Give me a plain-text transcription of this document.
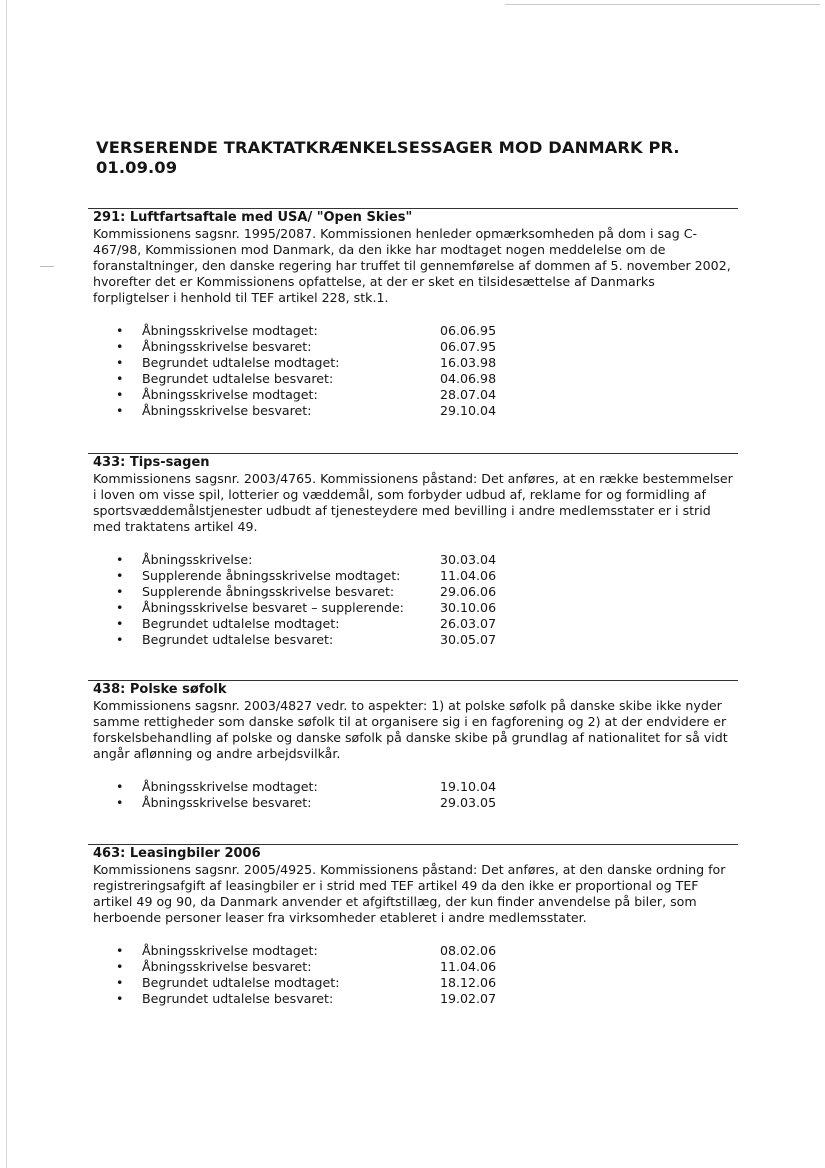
VERSERENDE TRAKTATKRÆNKELSESSAGER MOD DANMARK PR. 01.09.09
291: Luftfartsaftale med USA/ "Open Skies"

Kommissionens sagsnr. 1995/2087. Kommissionen henleder opmærksomheden på dom i sag C-467/98, Kommissionen mod Danmark, da den ikke har modtaget nogen meddelelse om de foranstaltninger, den danske regering har truffet til gennemførelse af dommen af 5. november 2002, hvorefter det er Kommissionens opfattelse, at der er sket en tilsidesættelse af Danmarks forpligtelser i henhold til TEF artikel 228, stk.1.

•	Åbningsskrivelse modtaget:	06.06.95
•	Åbningsskrivelse besvaret:	06.07.95
•	Begrundet udtalelse modtaget:	16.03.98
•	Begrundet udtalelse besvaret:	04.06.98
•	Åbningsskrivelse modtaget:	28.07.04
•	Åbningsskrivelse besvaret:	29.10.04
433: Tips-sagen

Kommissionens sagsnr. 2003/4765. Kommissionens påstand: Det anføres, at en række bestemmelser i loven om visse spil, lotterier og væddemål, som forbyder udbud af, reklame for og formidling af sportsvæddemålstjenester udbudt af tjenesteydere med bevilling i andre medlemsstater er i strid med traktatens artikel 49.

•	Åbningsskrivelse:	30.03.04
•	Supplerende åbningsskrivelse modtaget:	11.04.06
•	Supplerende åbningsskrivelse besvaret:	29.06.06
•	Åbningsskrivelse besvaret – supplerende:	30.10.06
•	Begrundet udtalelse modtaget:	26.03.07
•	Begrundet udtalelse besvaret:	30.05.07
438: Polske søfolk

Kommissionens sagsnr. 2003/4827 vedr. to aspekter: 1) at polske søfolk på danske skibe ikke nyder samme rettigheder som danske søfolk til at organisere sig i en fagforening og 2) at der endvidere er forskelsbehandling af polske og danske søfolk på danske skibe på grundlag af nationalitet for så vidt angår aflønning og andre arbejdsvilkår.

•	Åbningsskrivelse modtaget:	19.10.04
•	Åbningsskrivelse besvaret:	29.03.05
463: Leasingbiler 2006

Kommissionens sagsnr. 2005/4925. Kommissionens påstand: Det anføres, at den danske ordning for registreringsafgift af leasingbiler er i strid med TEF artikel 49 da den ikke er proportional og TEF artikel 49 og 90, da Danmark anvender et afgiftstillæg, der kun finder anvendelse på biler, som herboende personer leaser fra virksomheder etableret i andre medlemsstater.

•	Åbningsskrivelse modtaget:	08.02.06
•	Åbningsskrivelse besvaret:	11.04.06
•	Begrundet udtalelse modtaget:	18.12.06
•	Begrundet udtalelse besvaret:	19.02.07
